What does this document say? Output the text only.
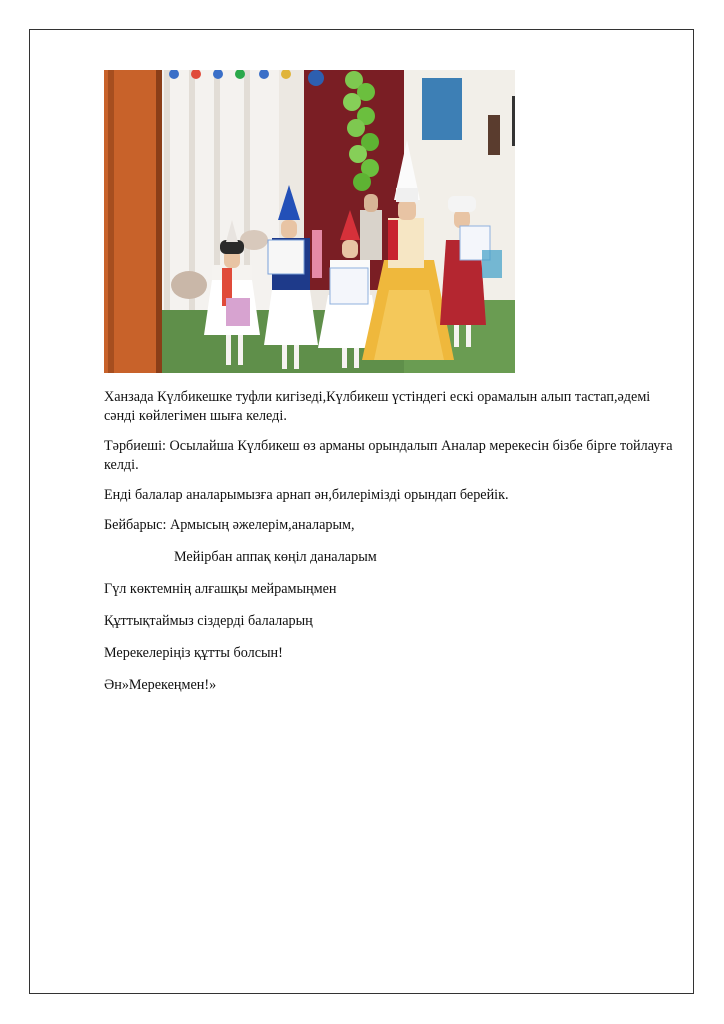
Ханзада Күлбикешке туфли кигізеді,Күлбикеш үстіндегі ескі орамалын алып тастап,әдемі сәнді көйлегімен шыға келеді.

Тәрбиеші: Осылайша Күлбикеш өз арманы орындалып Аналар мерекесін бізбе бірге тойлауға келді.

Енді балалар аналарымызға арнап ән,билерімізді орындап берейік.

Бейбарыс: Армысың әжелерім,аналарым,

Мейірбан аппақ көңіл даналарым

Гүл көктемнің алғашқы мейрамыңмен

Құттықтаймыз сіздерді балаларың

Мерекелеріңіз құтты болсын!

Ән»Мерекеңмен!»
